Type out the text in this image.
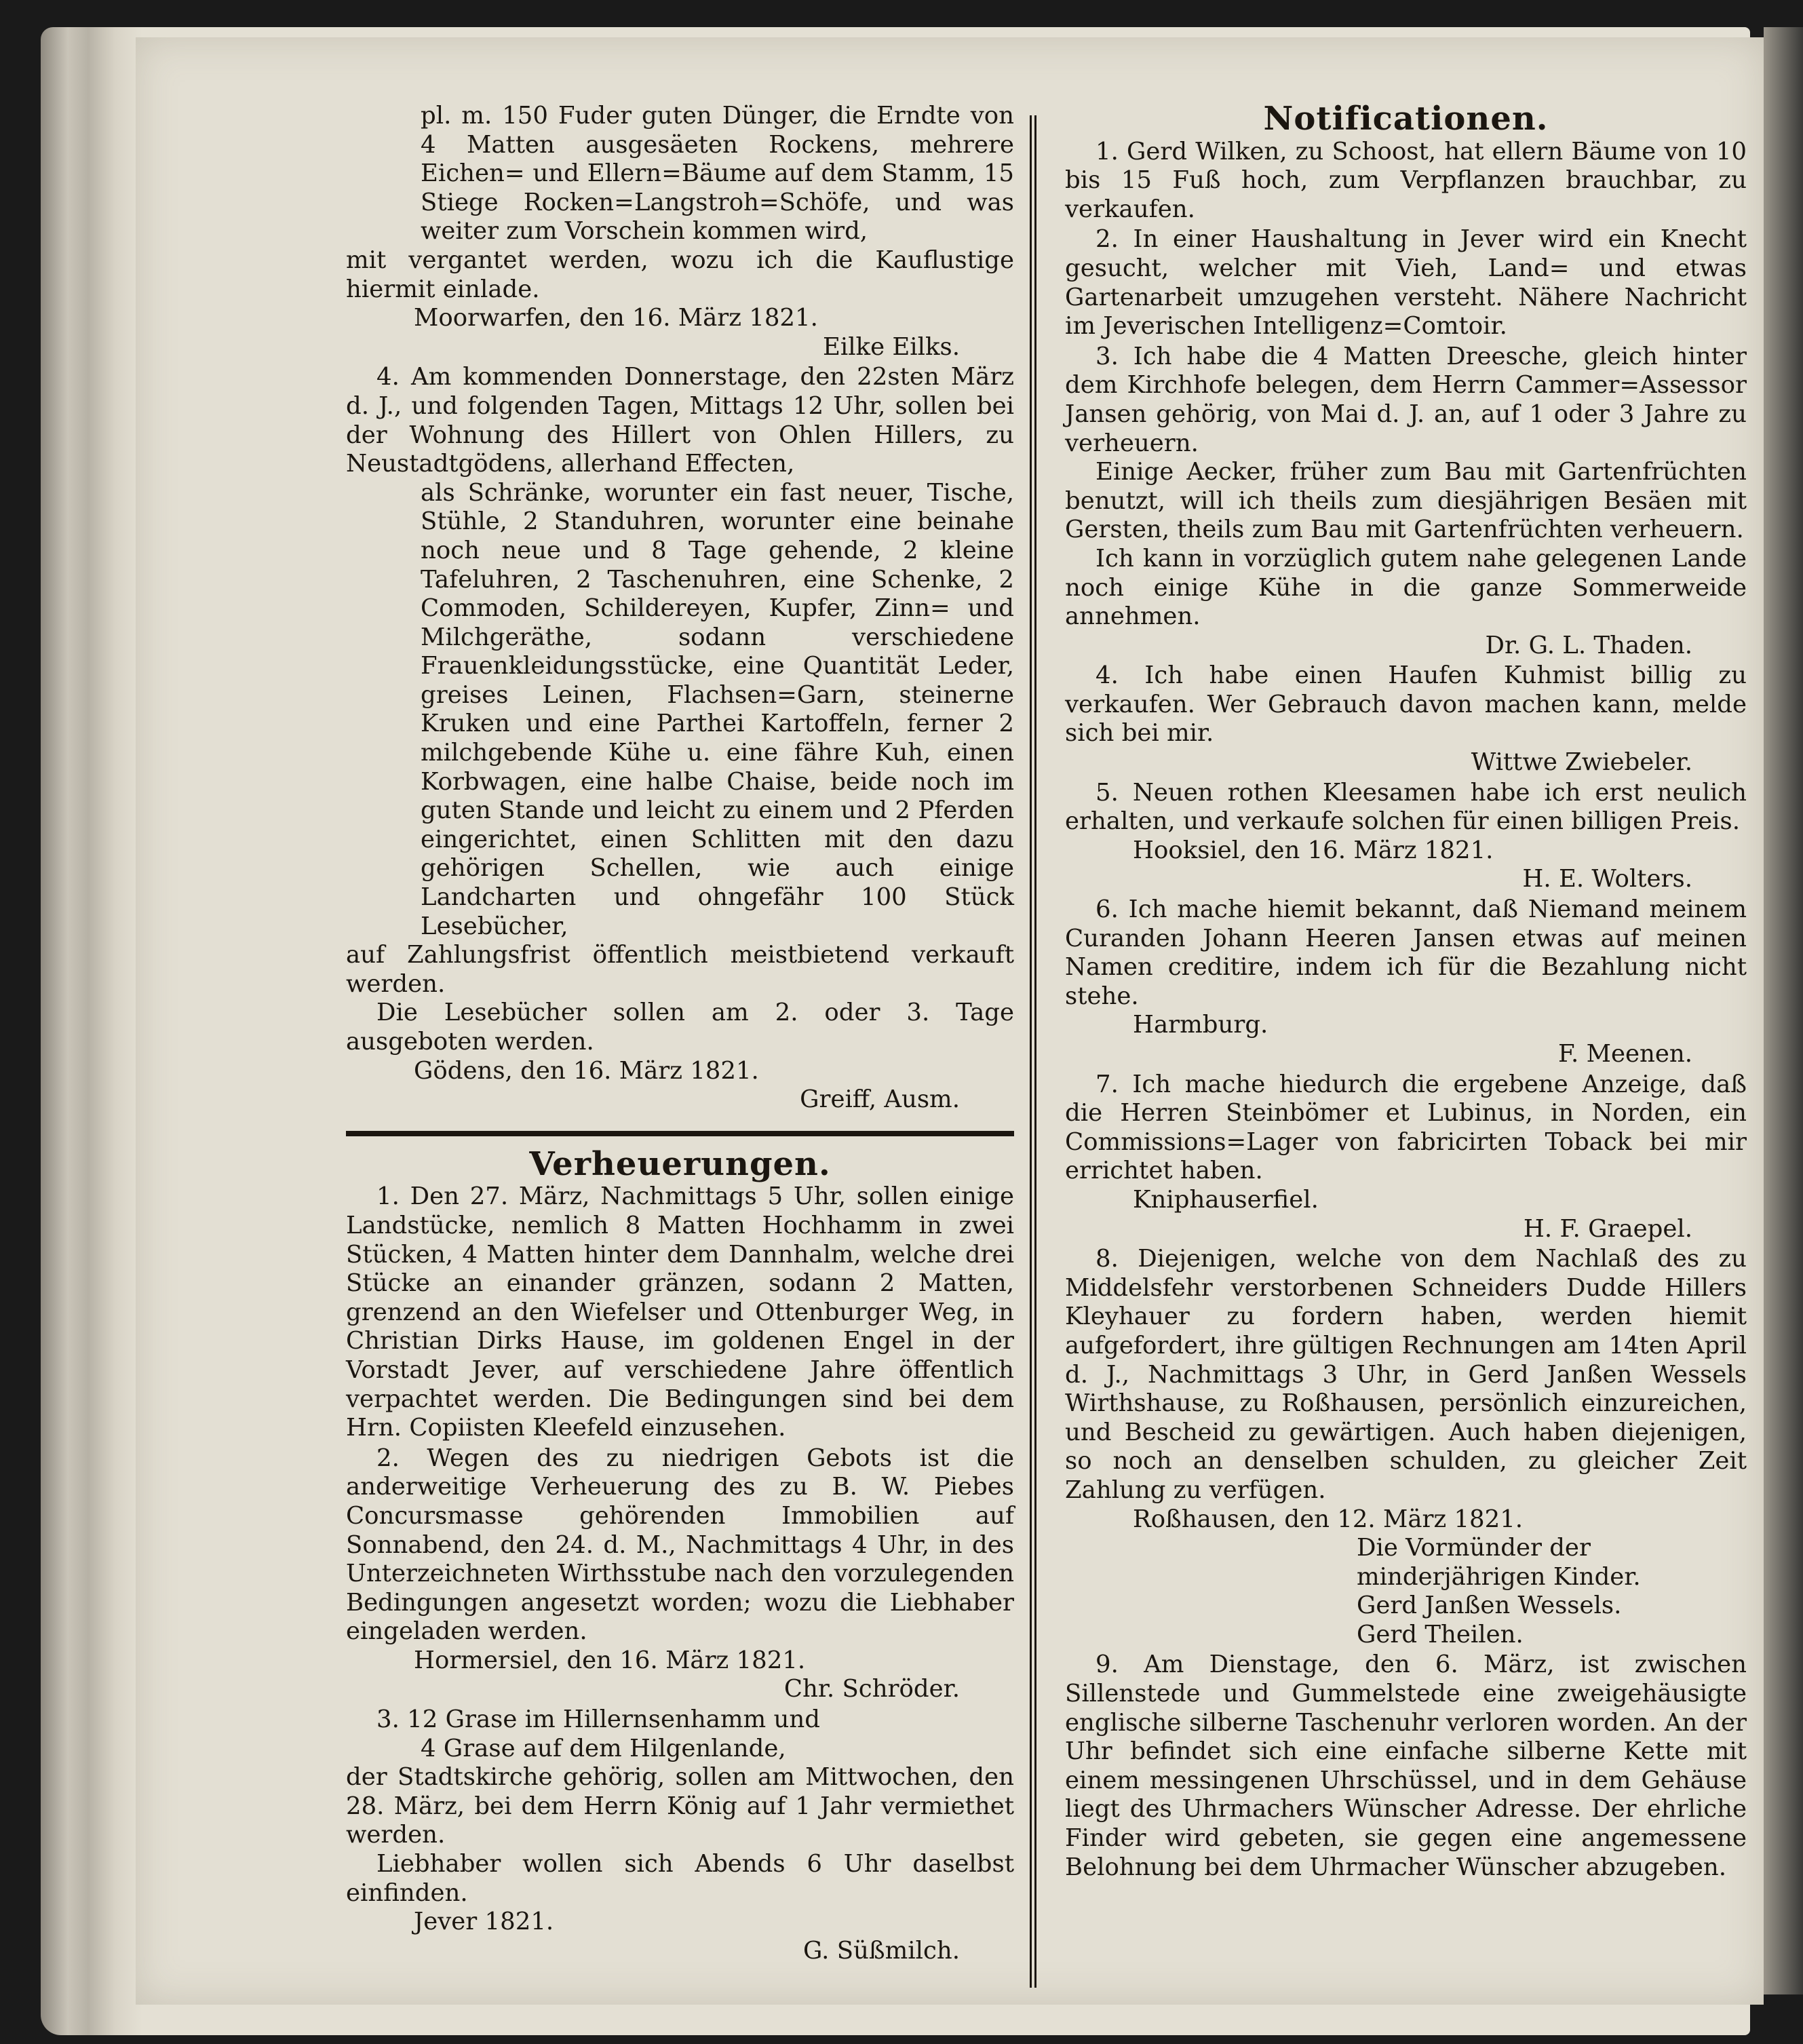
pl. m. 150 Fuder guten Dünger, die Erndte von 4 Matten ausgesäeten Rockens, mehrere Eichen= und Ellern=Bäume auf dem Stamm, 15 Stiege Rocken=Langstroh=Schöfe, und was weiter zum Vorschein kommen wird,

mit vergantet werden, wozu ich die Kauflustige hiermit einlade.

Moorwarfen, den 16. März 1821.

Eilke Eilks.

4. Am kommenden Donnerstage, den 22sten März d. J., und folgenden Tagen, Mittags 12 Uhr, sollen bei der Wohnung des Hillert von Ohlen Hillers, zu Neustadtgödens, allerhand Effecten,

als Schränke, worunter ein fast neuer, Tische, Stühle, 2 Standuhren, worunter eine beinahe noch neue und 8 Tage gehende, 2 kleine Tafeluhren, 2 Taschenuhren, eine Schenke, 2 Commoden, Schildereyen, Kupfer, Zinn= und Milchgeräthe, sodann verschiedene Frauenkleidungsstücke, eine Quantität Leder, greises Leinen, Flachsen=Garn, steinerne Kruken und eine Parthei Kartoffeln, ferner 2 milchgebende Kühe u. eine fähre Kuh, einen Korbwagen, eine halbe Chaise, beide noch im guten Stande und leicht zu einem und 2 Pferden eingerichtet, einen Schlitten mit den dazu gehörigen Schellen, wie auch einige Landcharten und ohngefähr 100 Stück Lesebücher,

auf Zahlungsfrist öffentlich meistbietend verkauft werden.

Die Lesebücher sollen am 2. oder 3. Tage ausgeboten werden.

Gödens, den 16. März 1821.

Greiff, Ausm.

Verheuerungen.

1. Den 27. März, Nachmittags 5 Uhr, sollen einige Landstücke, nemlich 8 Matten Hochhamm in zwei Stücken, 4 Matten hinter dem Dannhalm, welche drei Stücke an einander gränzen, sodann 2 Matten, grenzend an den Wiefelser und Ottenburger Weg, in Christian Dirks Hause, im goldenen Engel in der Vorstadt Jever, auf verschiedene Jahre öffentlich verpachtet werden. Die Bedingungen sind bei dem Hrn. Copiisten Kleefeld einzusehen.

2. Wegen des zu niedrigen Gebots ist die anderweitige Verheuerung des zu B. W. Piebes Concursmasse gehörenden Immobilien auf Sonnabend, den 24. d. M., Nachmittags 4 Uhr, in des Unterzeichneten Wirthsstube nach den vorzulegenden Bedingungen angesetzt worden; wozu die Liebhaber eingeladen werden.

Hormersiel, den 16. März 1821.

Chr. Schröder.

3. 12 Grase im Hillernsenhamm und

4 Grase auf dem Hilgenlande,

der Stadtskirche gehörig, sollen am Mittwochen, den 28. März, bei dem Herrn König auf 1 Jahr vermiethet werden.

Liebhaber wollen sich Abends 6 Uhr daselbst einfinden.

Jever 1821.

G. Süßmilch.

Notificationen.

1. Gerd Wilken, zu Schoost, hat ellern Bäume von 10 bis 15 Fuß hoch, zum Verpflanzen brauchbar, zu verkaufen.

2. In einer Haushaltung in Jever wird ein Knecht gesucht, welcher mit Vieh, Land= und etwas Gartenarbeit umzugehen versteht. Nähere Nachricht im Jeverischen Intelligenz=Comtoir.

3. Ich habe die 4 Matten Dreesche, gleich hinter dem Kirchhofe belegen, dem Herrn Cammer=Assessor Jansen gehörig, von Mai d. J. an, auf 1 oder 3 Jahre zu verheuern.

Einige Aecker, früher zum Bau mit Gartenfrüchten benutzt, will ich theils zum diesjährigen Besäen mit Gersten, theils zum Bau mit Gartenfrüchten verheuern.

Ich kann in vorzüglich gutem nahe gelegenen Lande noch einige Kühe in die ganze Sommerweide annehmen.

Dr. G. L. Thaden.

4. Ich habe einen Haufen Kuhmist billig zu verkaufen. Wer Gebrauch davon machen kann, melde sich bei mir.

Wittwe Zwiebeler.

5. Neuen rothen Kleesamen habe ich erst neulich erhalten, und verkaufe solchen für einen billigen Preis.

Hooksiel, den 16. März 1821.

H. E. Wolters.

6. Ich mache hiemit bekannt, daß Niemand meinem Curanden Johann Heeren Jansen etwas auf meinen Namen creditire, indem ich für die Bezahlung nicht stehe.

Harmburg.

F. Meenen.

7. Ich mache hiedurch die ergebene Anzeige, daß die Herren Steinbömer et Lubinus, in Norden, ein Commissions=Lager von fabricirten Toback bei mir errichtet haben.

Kniphauserfiel.

H. F. Graepel.

8. Diejenigen, welche von dem Nachlaß des zu Middelsfehr verstorbenen Schneiders Dudde Hillers Kleyhauer zu fordern haben, werden hiemit aufgefordert, ihre gültigen Rechnungen am 14ten April d. J., Nachmittags 3 Uhr, in Gerd Janßen Wessels Wirthshause, zu Roßhausen, persönlich einzureichen, und Bescheid zu gewärtigen. Auch haben diejenigen, so noch an denselben schulden, zu gleicher Zeit Zahlung zu verfügen.

Roßhausen, den 12. März 1821.

Die Vormünder der minderjährigen Kinder.

Gerd Janßen Wessels.

Gerd Theilen.

9. Am Dienstage, den 6. März, ist zwischen Sillenstede und Gummelstede eine zweigehäusigte englische silberne Taschenuhr verloren worden. An der Uhr befindet sich eine einfache silberne Kette mit einem messingenen Uhrschüssel, und in dem Gehäuse liegt des Uhrmachers Wünscher Adresse. Der ehrliche Finder wird gebeten, sie gegen eine angemessene Belohnung bei dem Uhrmacher Wünscher abzugeben.
